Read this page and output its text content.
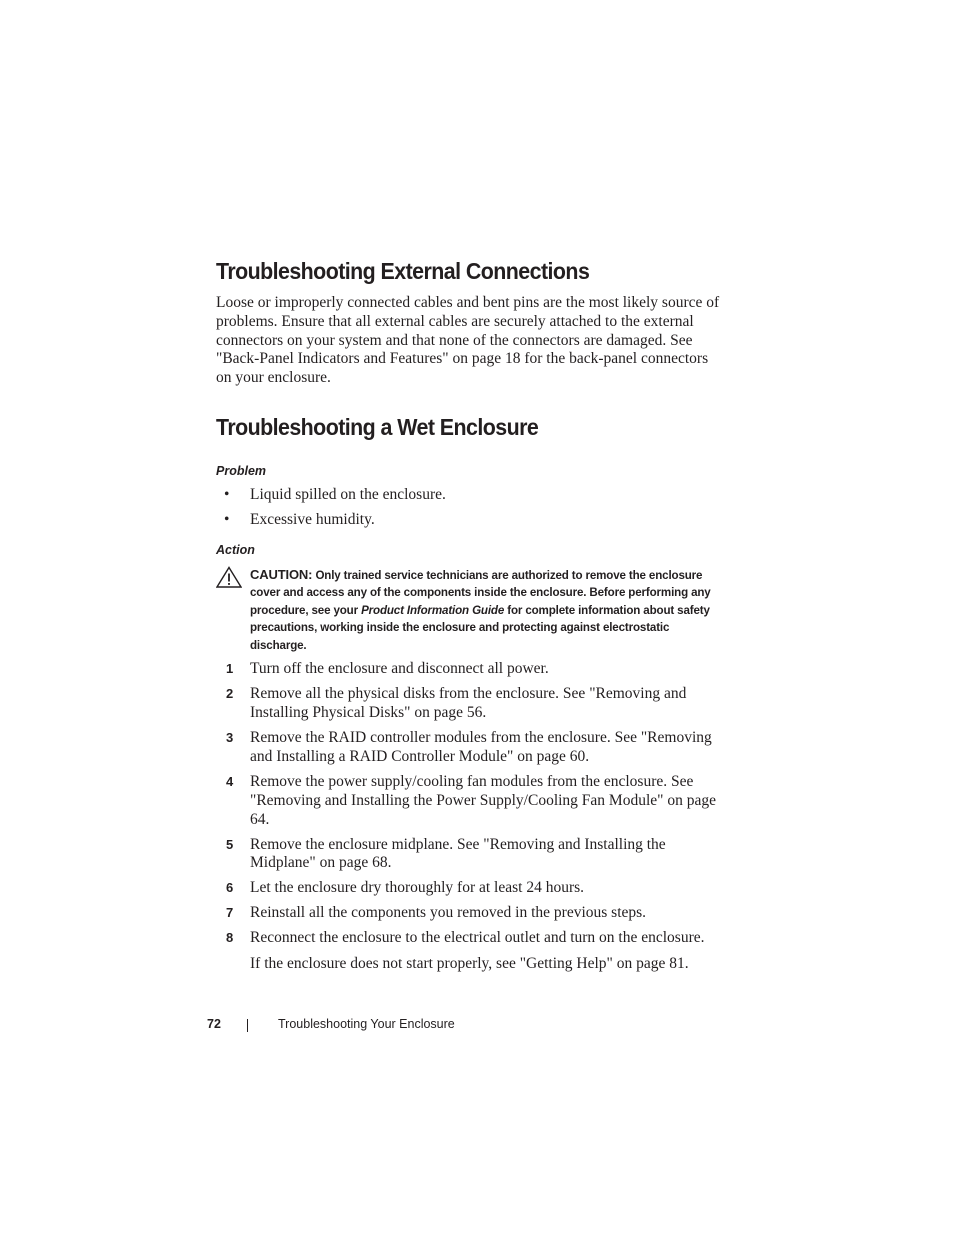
Troubleshooting External Connections

Loose or improperly connected cables and bent pins are the most likely source of problems. Ensure that all external cables are securely attached to the external connectors on your system and that none of the connectors are damaged. See "Back-Panel Indicators and Features" on page 18 for the back-panel connectors on your enclosure.

Troubleshooting a Wet Enclosure
Problem
• Liquid spilled on the enclosure.
• Excessive humidity.
Action
CAUTION: Only trained service technicians are authorized to remove the enclosure cover and access any of the components inside the enclosure. Before performing any procedure, see your Product Information Guide for complete information about safety precautions, working inside the enclosure and protecting against electrostatic discharge.
1 Turn off the enclosure and disconnect all power.
2 Remove all the physical disks from the enclosure. See "Removing and Installing Physical Disks" on page 56.
3 Remove the RAID controller modules from the enclosure. See "Removing and Installing a RAID Controller Module" on page 60.
4 Remove the power supply/cooling fan modules from the enclosure. See "Removing and Installing the Power Supply/Cooling Fan Module" on page 64.
5 Remove the enclosure midplane. See "Removing and Installing the Midplane" on page 68.
6 Let the enclosure dry thoroughly for at least 24 hours.
7 Reinstall all the components you removed in the previous steps.
8 Reconnect the enclosure to the electrical outlet and turn on the enclosure.

If the enclosure does not start properly, see "Getting Help" on page 81.

72	Troubleshooting Your Enclosure
